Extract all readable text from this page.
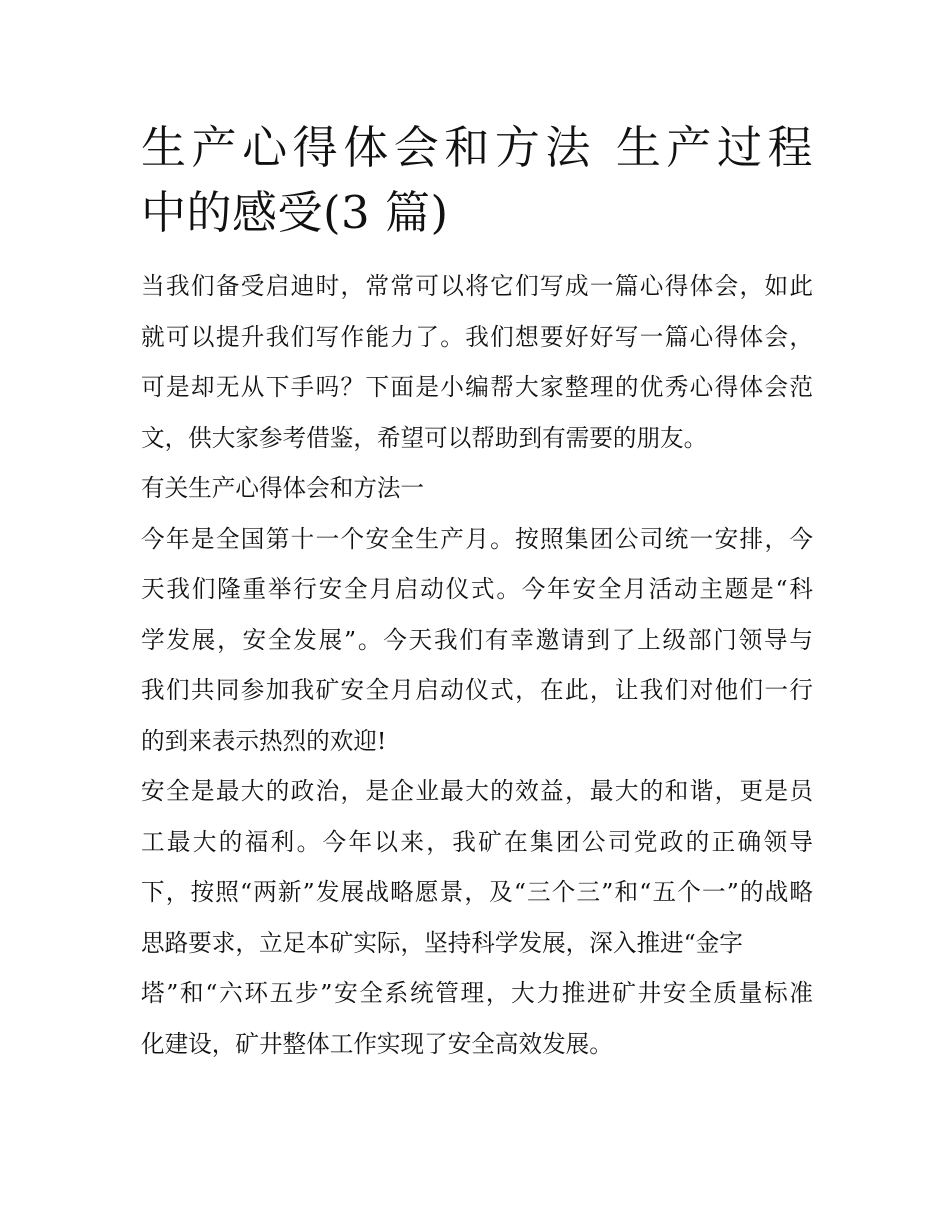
生产心得体会和方法 生产过程
中的感受(3 篇)

当我们备受启迪时，常常可以将它们写成一篇心得体会，如此
就可以提升我们写作能力了。我们想要好好写一篇心得体会，
可是却无从下手吗？下面是小编帮大家整理的优秀心得体会范
文，供大家参考借鉴，希望可以帮助到有需要的朋友。

有关生产心得体会和方法一

今年是全国第十一个安全生产月。按照集团公司统一安排，今
天我们隆重举行安全月启动仪式。今年安全月活动主题是“科
学发展，安全发展”。今天我们有幸邀请到了上级部门领导与
我们共同参加我矿安全月启动仪式，在此，让我们对他们一行
的到来表示热烈的欢迎!

安全是最大的政治，是企业最大的效益，最大的和谐，更是员
工最大的福利。今年以来，我矿在集团公司党政的正确领导
下，按照“两新”发展战略愿景，及“三个三”和“五个一”的战略
思路要求，立足本矿实际，坚持科学发展，深入推进“金字
塔”和“六环五步”安全系统管理，大力推进矿井安全质量标准
化建设，矿井整体工作实现了安全高效发展。
